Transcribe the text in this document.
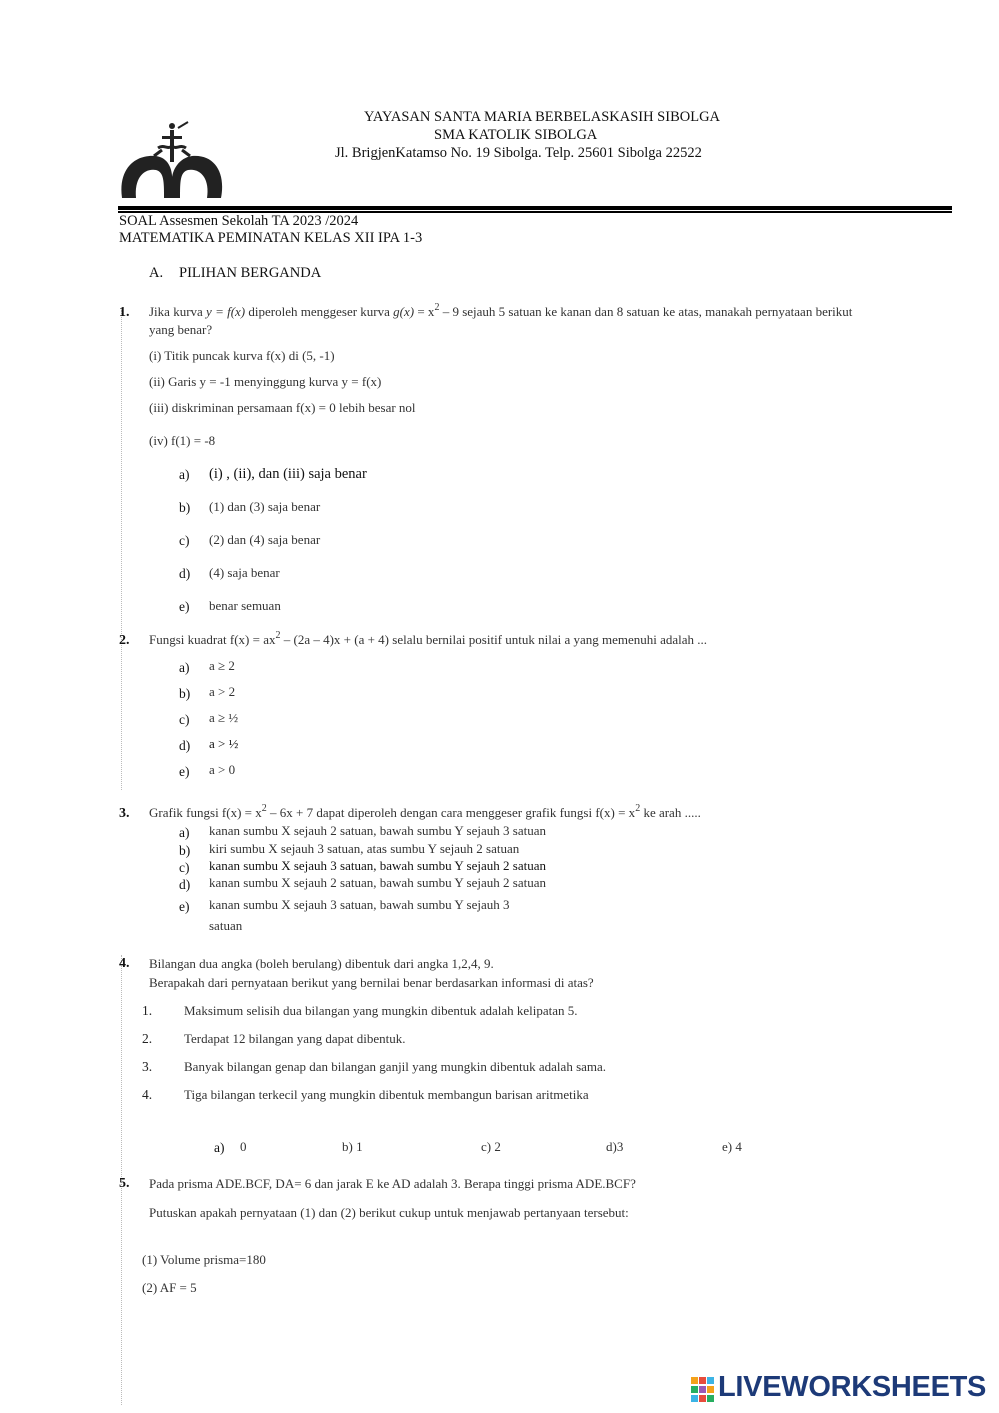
YAYASAN SANTA MARIA BERBELASKASIH SIBOLGA
SMA KATOLIK SIBOLGA
Jl. BrigjenKatamso No. 19 Sibolga. Telp. 25601 Sibolga 22522
SOAL Assesmen Sekolah TA 2023 /2024
MATEMATIKA PEMINATAN KELAS XII IPA 1-3
A. PILIHAN BERGANDA
1. Jika kurva y = f(x) diperoleh menggeser kurva $g(x) = x^2 - 9$ sejauh 5 satuan ke kanan dan 8 satuan ke atas, manakah pernyataan berikut
yang benar?
(i) Titik puncak kurva f(x) di (5, -1)
(ii) Garis y = -1 menyinggung kurva y = f(x)
(iii) diskriminan persamaan f(x) = 0 lebih besar nol
(iv) f(1) = -8
a) (i) , (ii), dan (iii) saja benar
b) (1) dan (3) saja benar
c) (2) dan (4) saja benar
d) (4) saja benar
e) benar semuan
2. Fungsi kuadrat $f(x) = ax^2 - (2a - 4)x + (a + 4)$ selalu bernilai positif untuk nilai a yang memenuhi adalah ...
a) a ≥ 2
b) a > 2
c) a ≥ ½
d) a > ½
e) a > 0
3. Grafik fungsi $f(x) = x^2 - 6x + 7$ dapat diperoleh dengan cara menggeser grafik fungsi $f(x) = x^2$ ke arah .....
a) kanan sumbu X sejauh 2 satuan, bawah sumbu Y sejauh 3 satuan
b) kiri sumbu X sejauh 3 satuan, atas sumbu Y sejauh 2 satuan
c) kanan sumbu X sejauh 3 satuan, bawah sumbu Y sejauh 2 satuan
d) kanan sumbu X sejauh 2 satuan, bawah sumbu Y sejauh 2 satuan
e) kanan sumbu X sejauh 3 satuan, bawah sumbu Y sejauh 3
satuan
4. Bilangan dua angka (boleh berulang) dibentuk dari angka 1,2,4, 9.
Berapakah dari pernyataan berikut yang bernilai benar berdasarkan informasi di atas?
1. Maksimum selisih dua bilangan yang mungkin dibentuk adalah kelipatan 5.
2. Terdapat 12 bilangan yang dapat dibentuk.
3. Banyak bilangan genap dan bilangan ganjil yang mungkin dibentuk adalah sama.
4. Tiga bilangan terkecil yang mungkin dibentuk membangun barisan aritmetika
a) 0	b) 1	c) 2	d)3	e) 4
5. Pada prisma ADE.BCF, DA= 6 dan jarak E ke AD adalah 3. Berapa tinggi prisma ADE.BCF?
Putuskan apakah pernyataan (1) dan (2) berikut cukup untuk menjawab pertanyaan tersebut:
(1) Volume prisma=180
(2) AF = 5
LIVEWORKSHEETS
